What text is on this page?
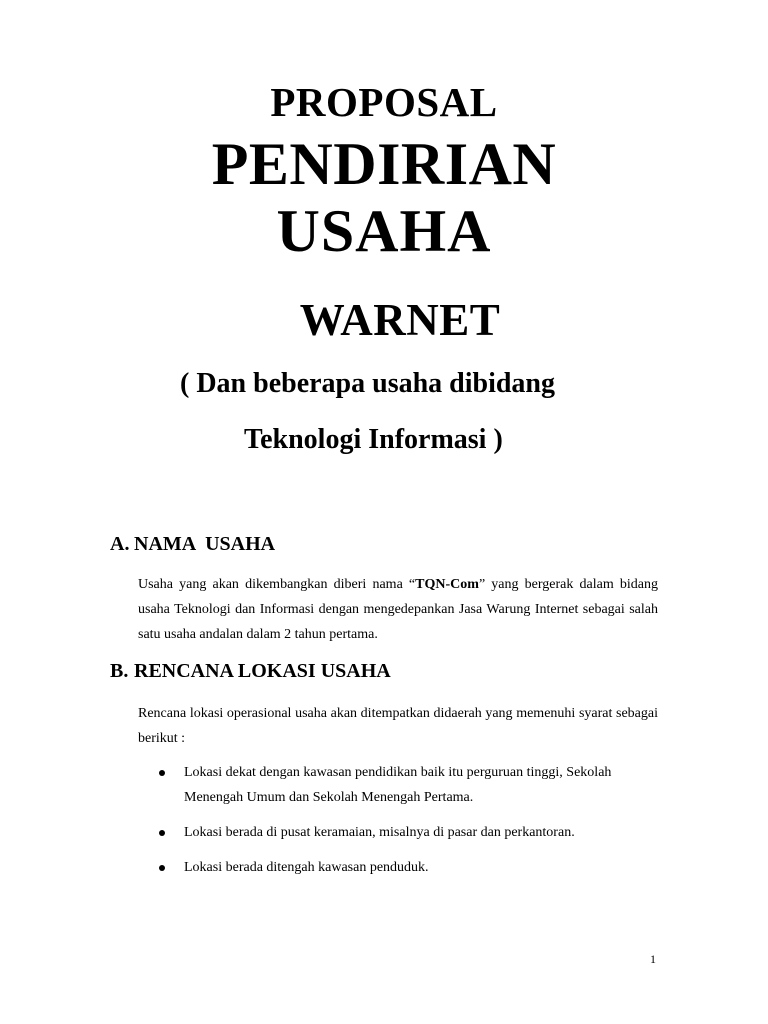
PROPOSAL
PENDIRIAN
USAHA
WARNET
( Dan beberapa usaha dibidang
Teknologi Informasi )
A. NAMA  USAHA
Usaha yang akan dikembangkan diberi nama “TQN-Com” yang bergerak dalam bidang usaha Teknologi dan Informasi dengan mengedepankan Jasa Warung Internet sebagai salah satu usaha andalan dalam 2 tahun pertama.
B. RENCANA LOKASI USAHA
Rencana lokasi operasional usaha akan ditempatkan didaerah yang memenuhi syarat sebagai berikut :
Lokasi dekat dengan kawasan pendidikan baik itu perguruan tinggi, Sekolah Menengah Umum dan Sekolah Menengah Pertama.
Lokasi berada di pusat keramaian, misalnya di pasar dan perkantoran.
Lokasi berada ditengah kawasan penduduk.
1
